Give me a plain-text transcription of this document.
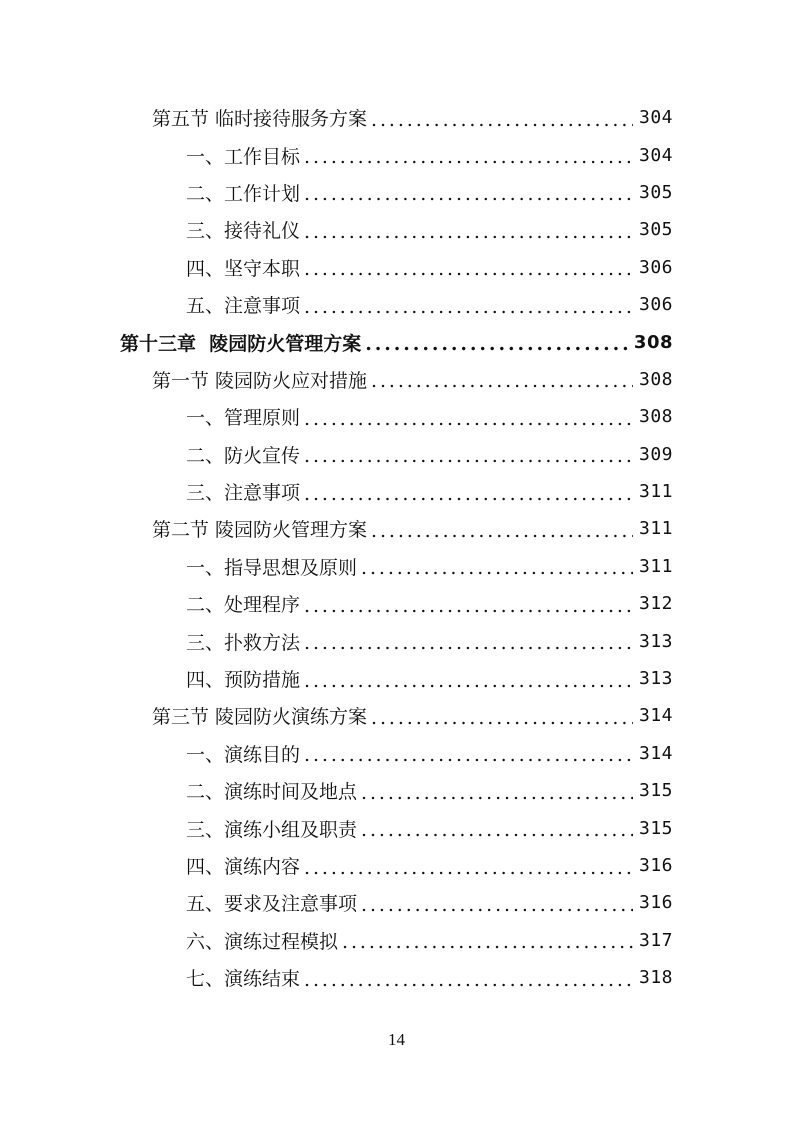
第五节 临时接待服务方案 .....	304
一、工作目标 .....	304
二、工作计划 .....	305
三、接待礼仪 .....	305
四、坚守本职 .....	306
五、注意事项 .....	306
第十三章  陵园防火管理方案 .....	308
第一节 陵园防火应对措施 .....	308
一、管理原则 .....	308
二、防火宣传 .....	309
三、注意事项 .....	311
第二节 陵园防火管理方案 .....	311
一、指导思想及原则 .....	311
二、处理程序 .....	312
三、扑救方法 .....	313
四、预防措施 .....	313
第三节 陵园防火演练方案 .....	314
一、演练目的 .....	314
二、演练时间及地点 .....	315
三、演练小组及职责 .....	315
四、演练内容 .....	316
五、要求及注意事项 .....	316
六、演练过程模拟 .....	317
七、演练结束 .....	318
14
